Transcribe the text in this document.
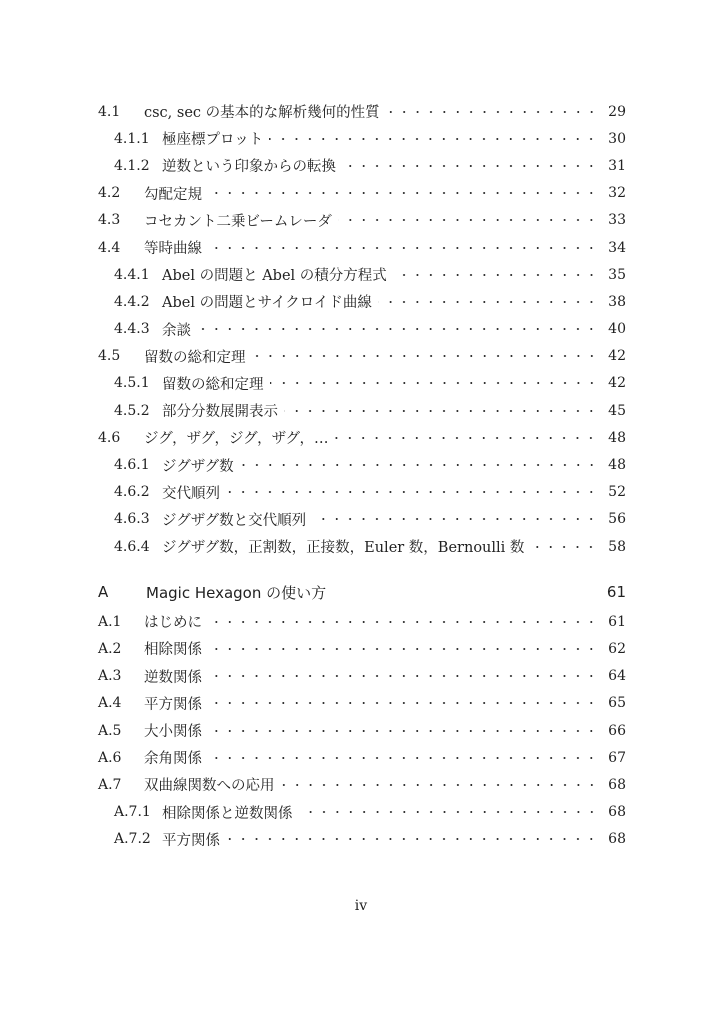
4.1	csc, sec の基本的な解析幾何的性質	29
4.1.1 極座標プロット	30
4.1.2 逆数という印象からの転換	31
4.2	勾配定規	32
4.3	コセカント二乗ビームレーダ	33
4.4	等時曲線	34
4.4.1 Abel の問題と Abel の積分方程式	35
4.4.2 Abel の問題とサイクロイド曲線	38
4.4.3 余談	40
4.5	留数の総和定理	42
4.5.1 留数の総和定理	42
4.5.2 部分分数展開表示	45
4.6	ジグ，ザグ，ジグ，ザグ，…	48
4.6.1 ジグザグ数	48
4.6.2 交代順列	52
4.6.3 ジグザグ数と交代順列	56
4.6.4 ジグザグ数，正割数，正接数，Euler 数，Bernoulli 数	58
A	Magic Hexagon の使い方	61
A.1	はじめに	61
A.2	相除関係	62
A.3	逆数関係	64
A.4	平方関係	65
A.5	大小関係	66
A.6	余角関係	67
A.7	双曲線関数への応用	68
A.7.1 相除関係と逆数関係	68
A.7.2 平方関係	68
iv
